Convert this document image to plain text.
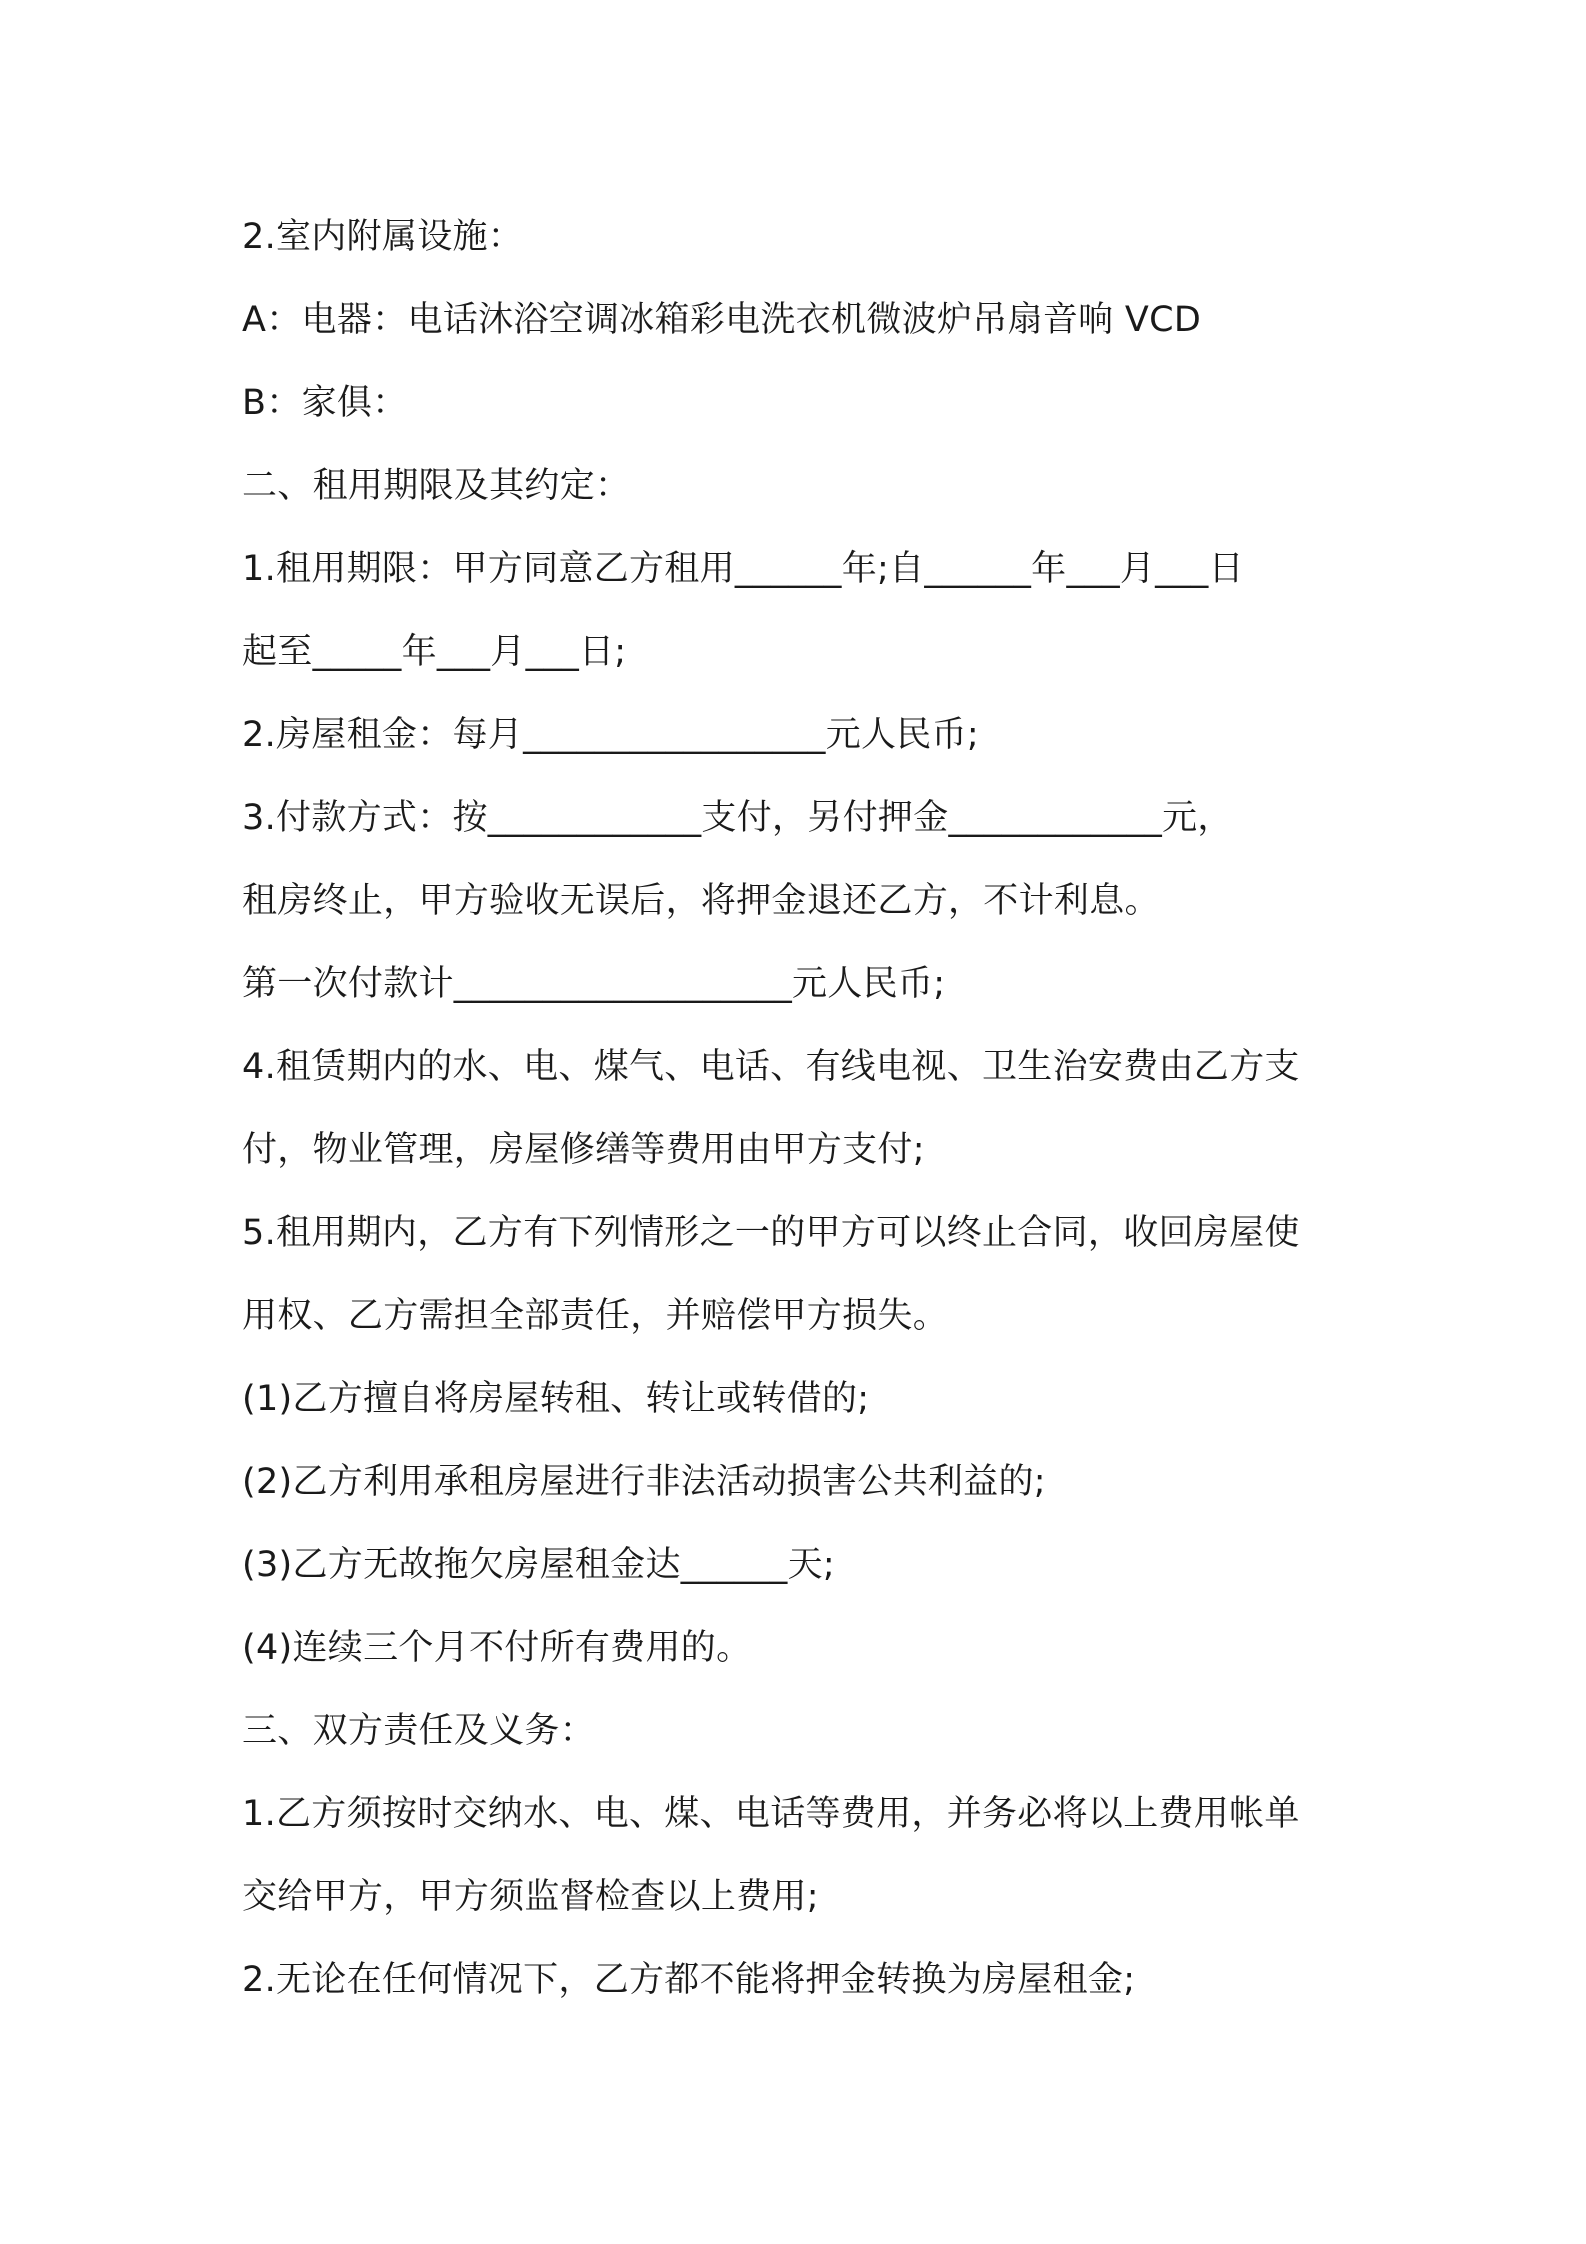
2.室内附属设施：

A：电器：电话沐浴空调冰箱彩电洗衣机微波炉吊扇音响 VCD

B：家俱：

二、租用期限及其约定：

1.租用期限：甲方同意乙方租用______年;自______年___月___日

起至_____年___月___日;

2.房屋租金：每月_________________元人民币;

3.付款方式：按____________支付，另付押金____________元，

租房终止，甲方验收无误后，将押金退还乙方，不计利息。

第一次付款计___________________元人民币;

4.租赁期内的水、电、煤气、电话、有线电视、卫生治安费由乙方支

付，物业管理，房屋修缮等费用由甲方支付;

5.租用期内，乙方有下列情形之一的甲方可以终止合同，收回房屋使

用权、乙方需担全部责任，并赔偿甲方损失。

(1)乙方擅自将房屋转租、转让或转借的;

(2)乙方利用承租房屋进行非法活动损害公共利益的;

(3)乙方无故拖欠房屋租金达______天;

(4)连续三个月不付所有费用的。

三、双方责任及义务：

1.乙方须按时交纳水、电、煤、电话等费用，并务必将以上费用帐单

交给甲方，甲方须监督检查以上费用;

2.无论在任何情况下，乙方都不能将押金转换为房屋租金;
